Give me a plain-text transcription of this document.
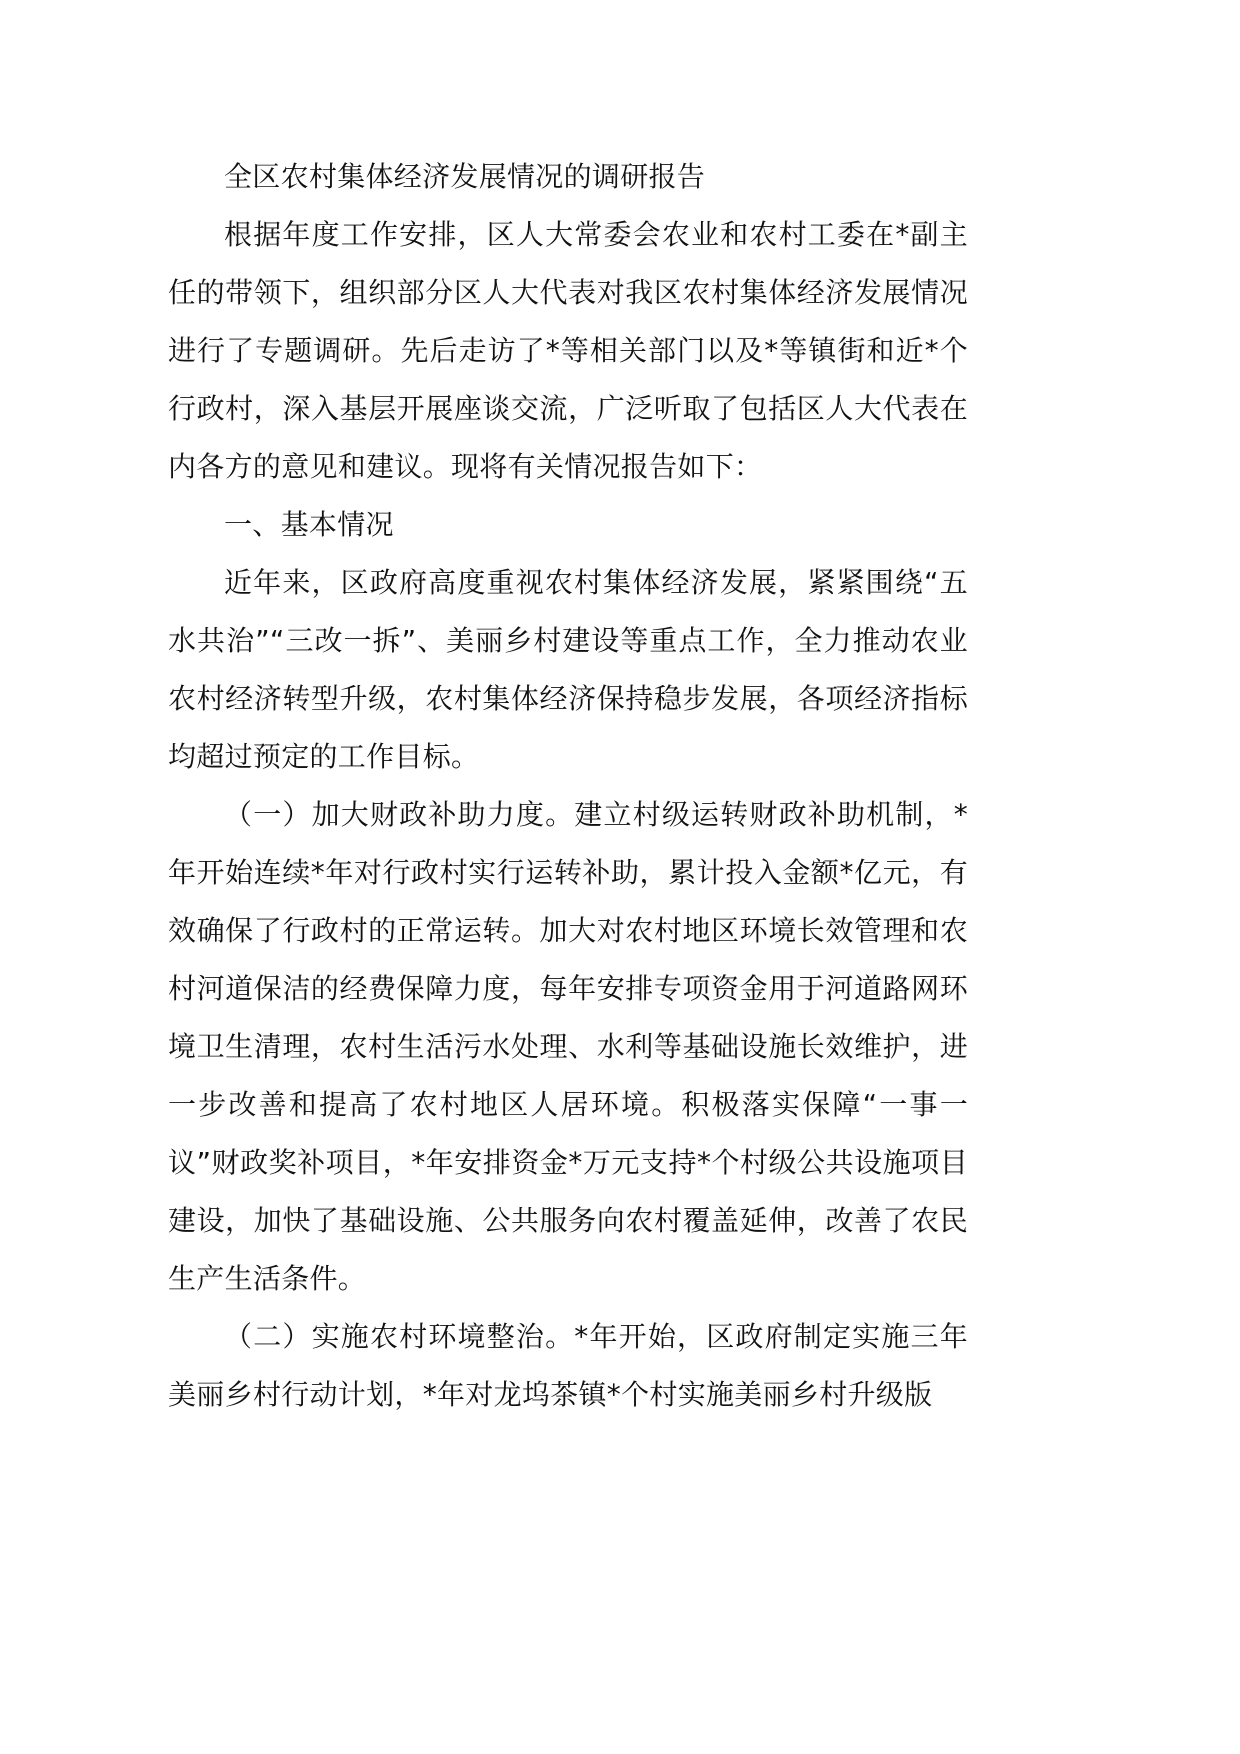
全区农村集体经济发展情况的调研报告

根据年度工作安排，区人大常委会农业和农村工委在*副主任的带领下，组织部分区人大代表对我区农村集体经济发展情况进行了专题调研。先后走访了*等相关部门以及*等镇街和近*个行政村，深入基层开展座谈交流，广泛听取了包括区人大代表在内各方的意见和建议。现将有关情况报告如下：

一、基本情况

近年来，区政府高度重视农村集体经济发展，紧紧围绕“五水共治”“三改一拆”、美丽乡村建设等重点工作，全力推动农业农村经济转型升级，农村集体经济保持稳步发展，各项经济指标均超过预定的工作目标。

（一）加大财政补助力度。建立村级运转财政补助机制，*年开始连续*年对行政村实行运转补助，累计投入金额*亿元，有效确保了行政村的正常运转。加大对农村地区环境长效管理和农村河道保洁的经费保障力度，每年安排专项资金用于河道路网环境卫生清理，农村生活污水处理、水利等基础设施长效维护，进一步改善和提高了农村地区人居环境。积极落实保障“一事一议”财政奖补项目，*年安排资金*万元支持*个村级公共设施项目建设，加快了基础设施、公共服务向农村覆盖延伸，改善了农民生产生活条件。

（二）实施农村环境整治。*年开始，区政府制定实施三年美丽乡村行动计划，*年对龙坞茶镇*个村实施美丽乡村升级版
